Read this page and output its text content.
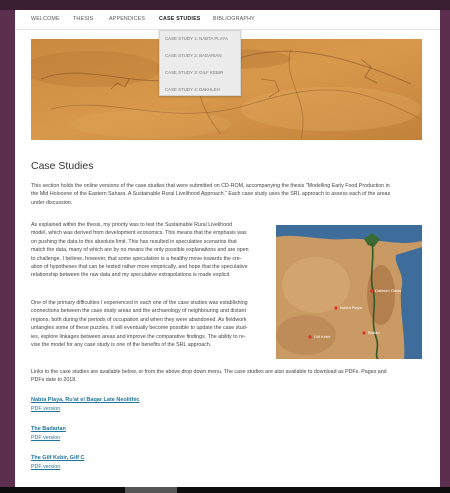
WELCOME THESIS	APPENDICES	CASE STUDIES BIBLIOGRAPHY
CASE STUDY 1: NABTA PLAYA
CASE STUDY 2: BADARIAN
CASE STUDY 3: GILF KEBIR
CASE STUDY 4: DAKHLEH
Case Studies
This section holds the online versions of the case studies that were submitted on CD-ROM, accompanying the thesis "Modelling Early Food Production in
the Mid Holocene of the Eastern Sahara. A Sustainable Rural Livelihood Approach." Each case study uses the SRL approach to assess each of the areas
under discussion.
As explained within the thesis, my priority was to test the Sustainable Rural Livelihood
model, which was derived from development economics. This means that the emphasis was
on pushing the data to this absolute limit. This has resulted in speculative scenarios that
match the data, many of which are by no means the only possible explanations and are open
to challenge. I believe, however, that some speculation is a healthy move towards the cre-
ation of hypotheses that can be tested rather more empirically, and hope that the speculative
relationship between the raw data and my speculative extrapolations is made explicit.
Nabta Playa
Gilf Kebir
Dakhleh Oasis
Badari
One of the primary difficulties I experienced in each one of the case studies was establishing
connections between the case study areas and the archaeology of neighbouring and distant
regions, both during the periods of occupation and when they were abandoned. As fieldwork
untangles some of these puzzles, it will eventually become possible to update the case stud-
ies, explore linkages between areas and improve the comparative findings. The ability to re-
vise the model for any case study is one of the benefits of the SRL approach.
Links to the case studies are available below, or from the above drop down menu. The case studies are also available to download as PDFs. Pages and
PDFs date to 2018.
Nabta Playa, Ru'at el Baqar Late Neolithic
PDF version
The Badarian
PDF version
The Gilf Kebir, Gilf C
PDF version
